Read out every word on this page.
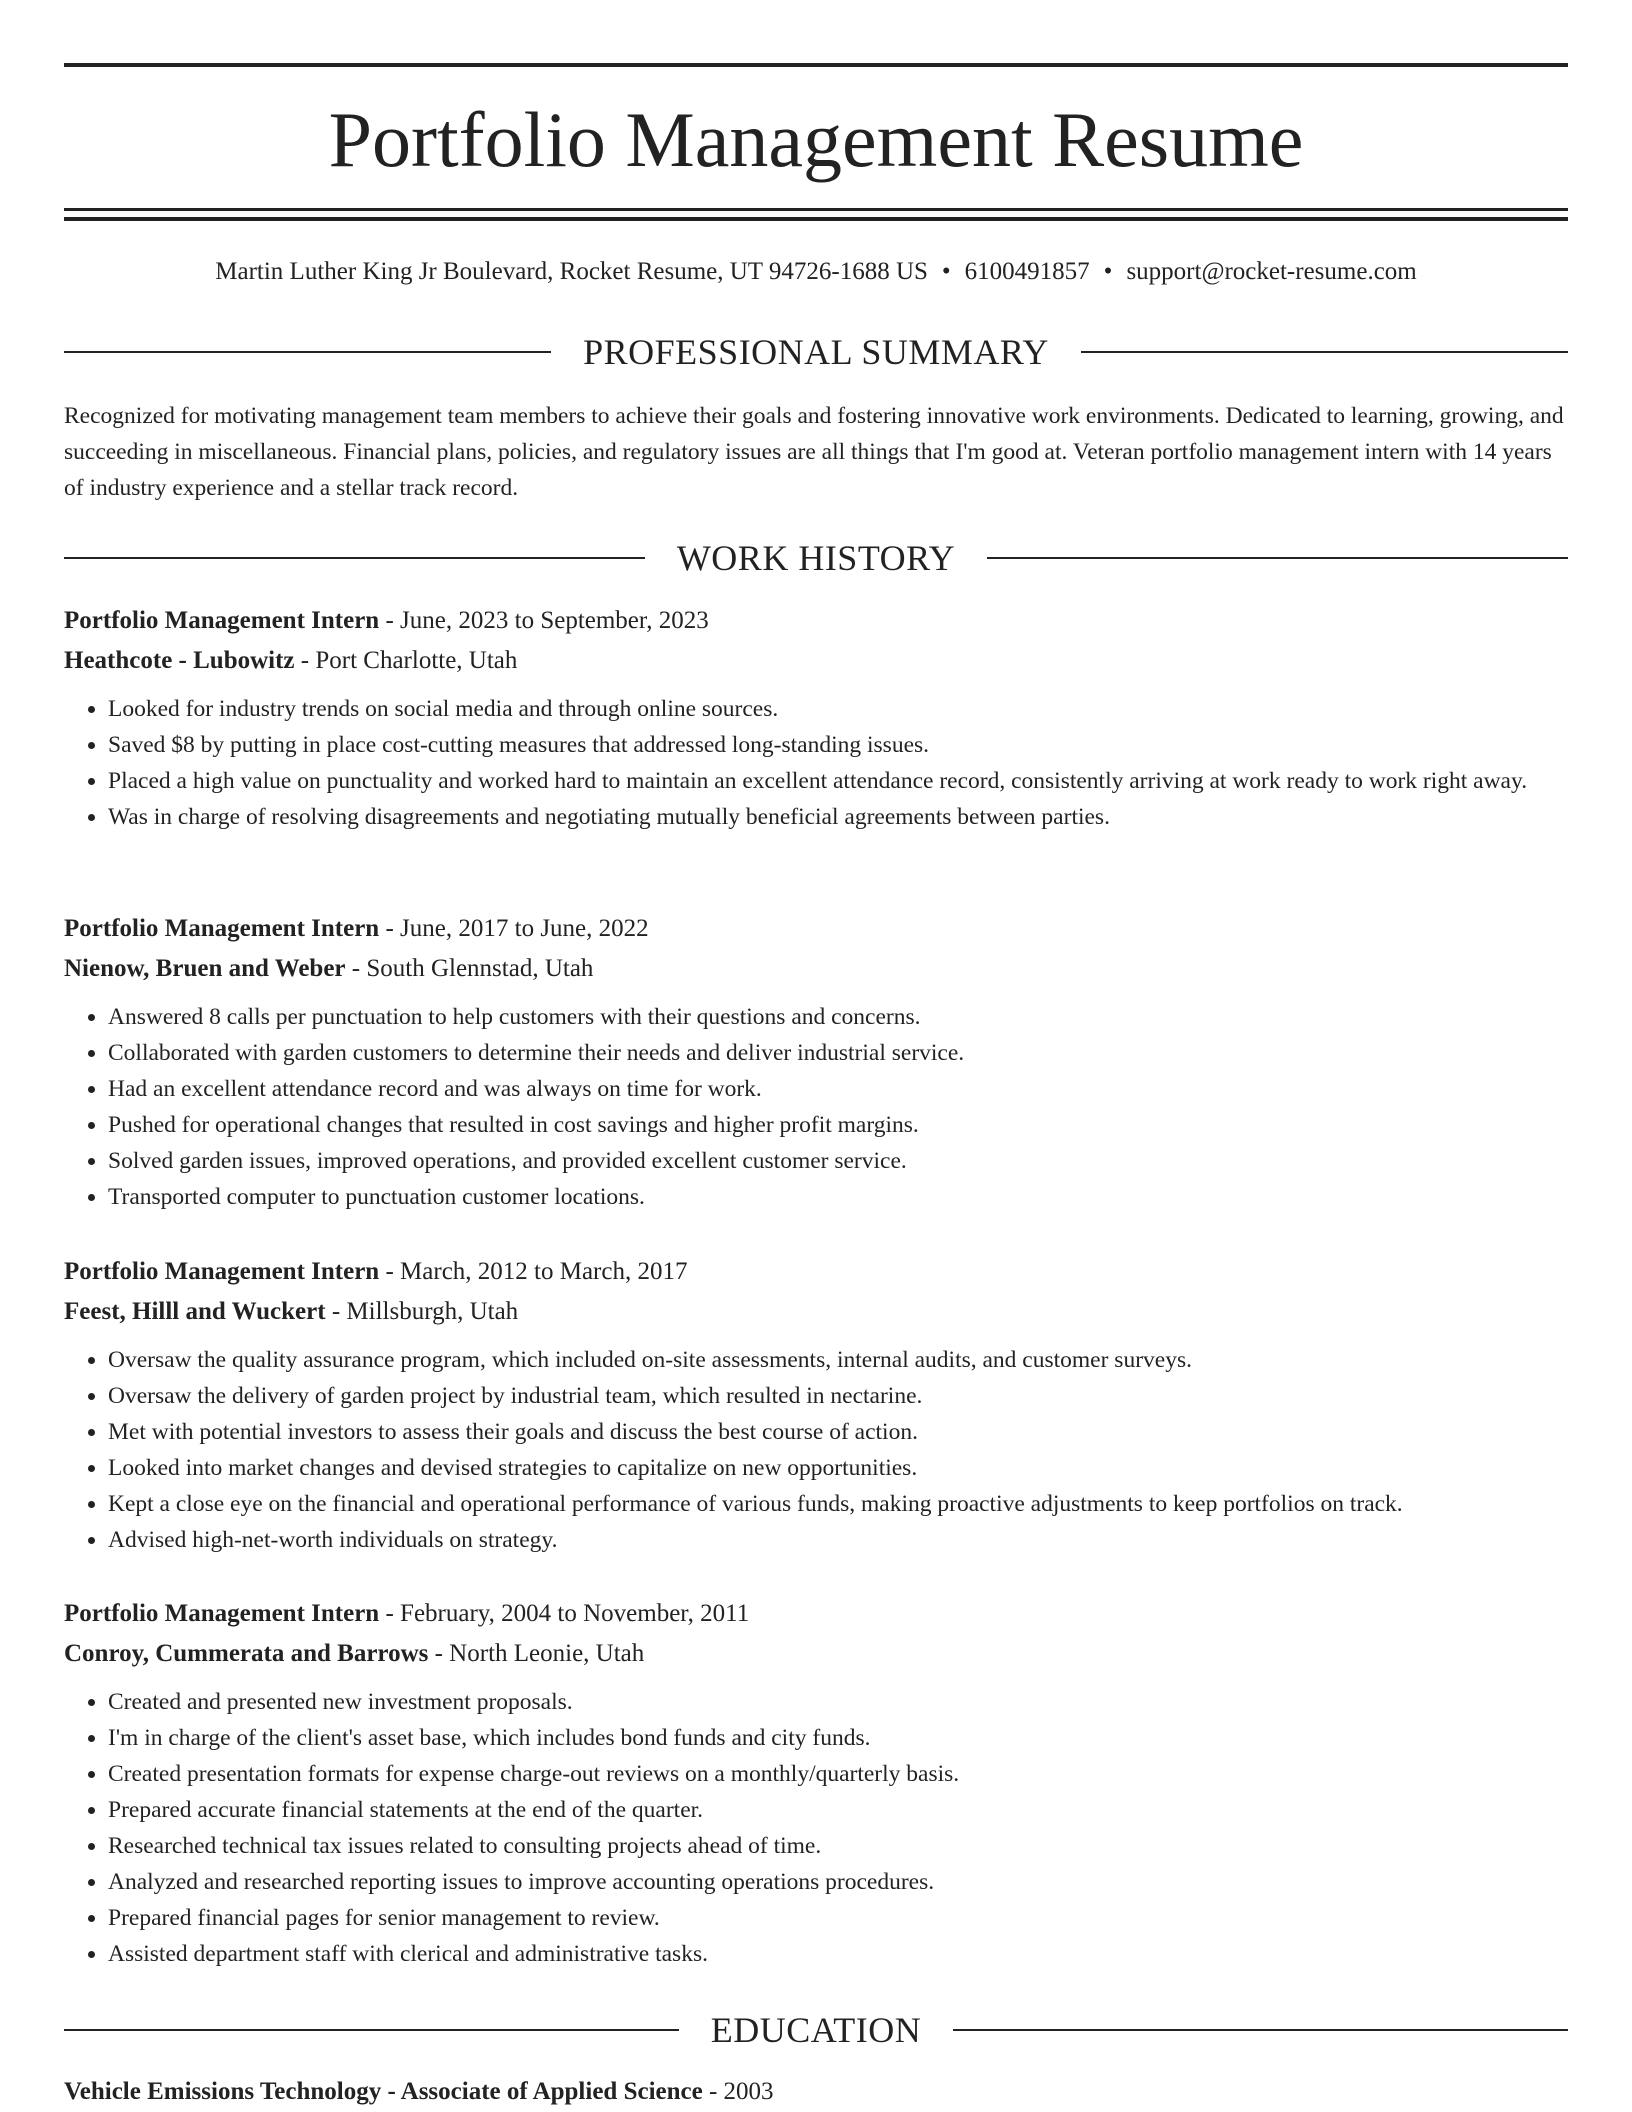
Portfolio Management Resume
Martin Luther King Jr Boulevard, Rocket Resume, UT 94726-1688 US • 6100491857 • support@rocket-resume.com
PROFESSIONAL SUMMARY

Recognized for motivating management team members to achieve their goals and fostering innovative work environments. Dedicated to learning, growing, and succeeding in miscellaneous. Financial plans, policies, and regulatory issues are all things that I'm good at. Veteran portfolio management intern with 14 years of industry experience and a stellar track record.

WORK HISTORY
Portfolio Management Intern - June, 2023 to September, 2023
Heathcote - Lubowitz - Port Charlotte, Utah
• Looked for industry trends on social media and through online sources.
• Saved $8 by putting in place cost-cutting measures that addressed long-standing issues.
• Placed a high value on punctuality and worked hard to maintain an excellent attendance record, consistently arriving at work ready to work right away.
• Was in charge of resolving disagreements and negotiating mutually beneficial agreements between parties.
Portfolio Management Intern - June, 2017 to June, 2022
Nienow, Bruen and Weber - South Glennstad, Utah
• Answered 8 calls per punctuation to help customers with their questions and concerns.
• Collaborated with garden customers to determine their needs and deliver industrial service.
• Had an excellent attendance record and was always on time for work.
• Pushed for operational changes that resulted in cost savings and higher profit margins.
• Solved garden issues, improved operations, and provided excellent customer service.
• Transported computer to punctuation customer locations.
Portfolio Management Intern - March, 2012 to March, 2017
Feest, Hilll and Wuckert - Millsburgh, Utah
• Oversaw the quality assurance program, which included on-site assessments, internal audits, and customer surveys.
• Oversaw the delivery of garden project by industrial team, which resulted in nectarine.
• Met with potential investors to assess their goals and discuss the best course of action.
• Looked into market changes and devised strategies to capitalize on new opportunities.
• Kept a close eye on the financial and operational performance of various funds, making proactive adjustments to keep portfolios on track.
• Advised high-net-worth individuals on strategy.
Portfolio Management Intern - February, 2004 to November, 2011
Conroy, Cummerata and Barrows - North Leonie, Utah
• Created and presented new investment proposals.
• I'm in charge of the client's asset base, which includes bond funds and city funds.
• Created presentation formats for expense charge-out reviews on a monthly/quarterly basis.
• Prepared accurate financial statements at the end of the quarter.
• Researched technical tax issues related to consulting projects ahead of time.
• Analyzed and researched reporting issues to improve accounting operations procedures.
• Prepared financial pages for senior management to review.
• Assisted department staff with clerical and administrative tasks.
EDUCATION
Vehicle Emissions Technology - Associate of Applied Science - 2003
